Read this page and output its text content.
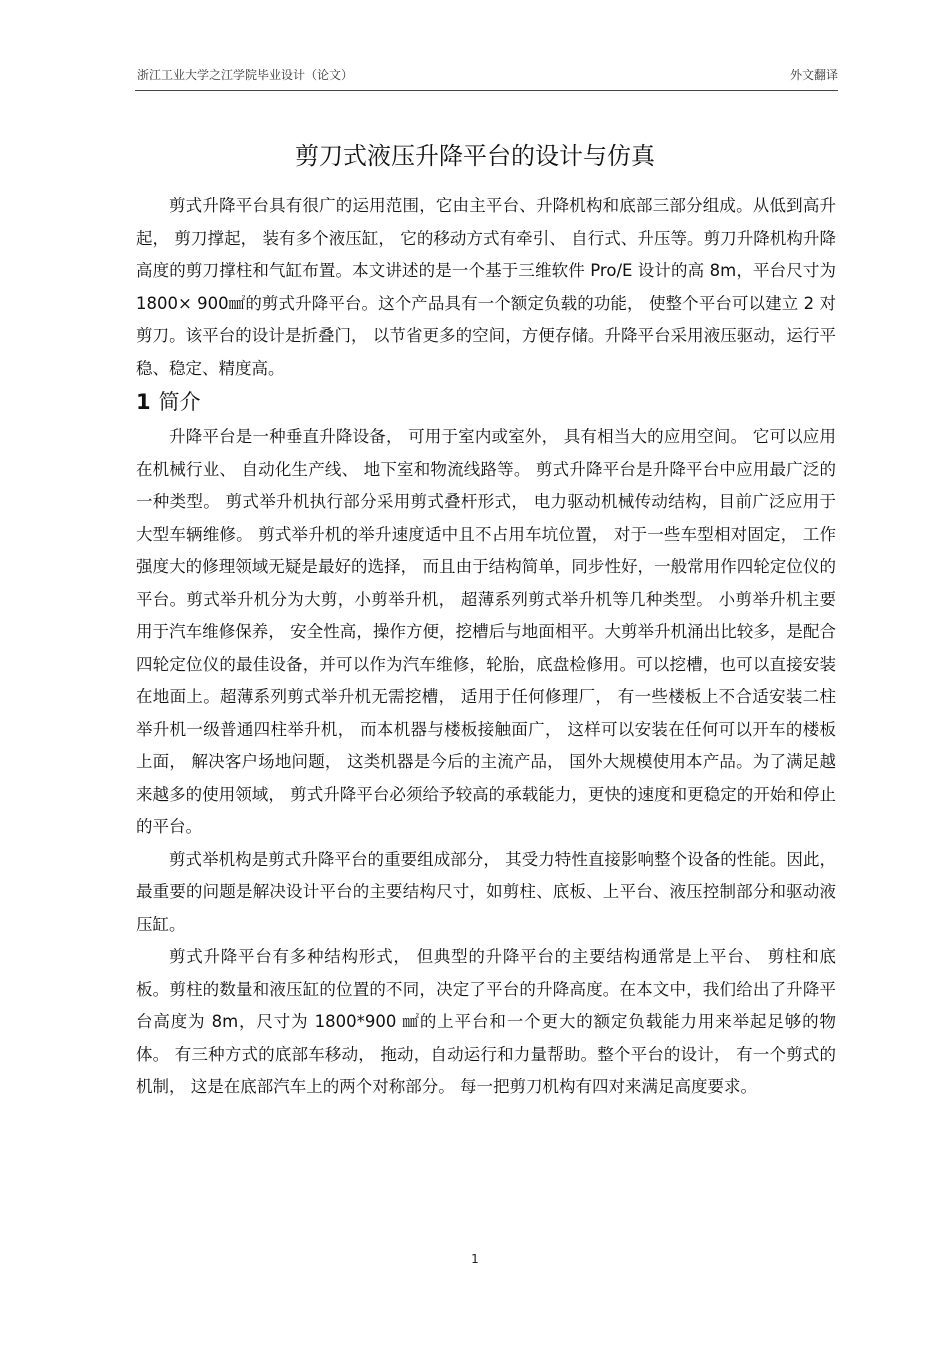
浙江工业大学之江学院毕业设计（论文）	外文翻译
剪刀式液压升降平台的设计与仿真

剪式升降平台具有很广的运用范围，它由主平台、升降机构和底部三部分组成。从低到高升起， 剪刀撑起， 装有多个液压缸， 它的移动方式有牵引、 自行式、升压等。剪刀升降机构升降高度的剪刀撑柱和气缸布置。本文讲述的是一个基于三维软件 Pro/E 设计的高 8m，平台尺寸为 1800× 900㎟的剪式升降平台。这个产品具有一个额定负载的功能， 使整个平台可以建立 2 对剪刀。该平台的设计是折叠门， 以节省更多的空间，方便存储。升降平台采用液压驱动，运行平稳、稳定、精度高。

1 简介

升降平台是一种垂直升降设备， 可用于室内或室外， 具有相当大的应用空间。 它可以应用在机械行业、 自动化生产线、 地下室和物流线路等。 剪式升降平台是升降平台中应用最广泛的一种类型。 剪式举升机执行部分采用剪式叠杆形式， 电力驱动机械传动结构，目前广泛应用于大型车辆维修。 剪式举升机的举升速度适中且不占用车坑位置， 对于一些车型相对固定， 工作强度大的修理领域无疑是最好的选择， 而且由于结构简单，同步性好，一般常用作四轮定位仪的平台。剪式举升机分为大剪，小剪举升机， 超薄系列剪式举升机等几种类型。 小剪举升机主要用于汽车维修保养， 安全性高，操作方便，挖槽后与地面相平。大剪举升机涌出比较多，是配合四轮定位仪的最佳设备，并可以作为汽车维修，轮胎，底盘检修用。可以挖槽，也可以直接安装在地面上。超薄系列剪式举升机无需挖槽， 适用于任何修理厂， 有一些楼板上不合适安装二柱举升机一级普通四柱举升机， 而本机器与楼板接触面广， 这样可以安装在任何可以开车的楼板上面， 解决客户场地问题， 这类机器是今后的主流产品， 国外大规模使用本产品。为了满足越来越多的使用领域， 剪式升降平台必须给予较高的承载能力，更快的速度和更稳定的开始和停止的平台。

剪式举机构是剪式升降平台的重要组成部分， 其受力特性直接影响整个设备的性能。因此，最重要的问题是解决设计平台的主要结构尺寸，如剪柱、底板、上平台、液压控制部分和驱动液压缸。

剪式升降平台有多种结构形式， 但典型的升降平台的主要结构通常是上平台、 剪柱和底板。剪柱的数量和液压缸的位置的不同，决定了平台的升降高度。在本文中，我们给出了升降平台高度为 8m，尺寸为 1800*900 ㎟的上平台和一个更大的额定负载能力用来举起足够的物体。 有三种方式的底部车移动， 拖动，自动运行和力量帮助。整个平台的设计， 有一个剪式的机制， 这是在底部汽车上的两个对称部分。 每一把剪刀机构有四对来满足高度要求。

1
